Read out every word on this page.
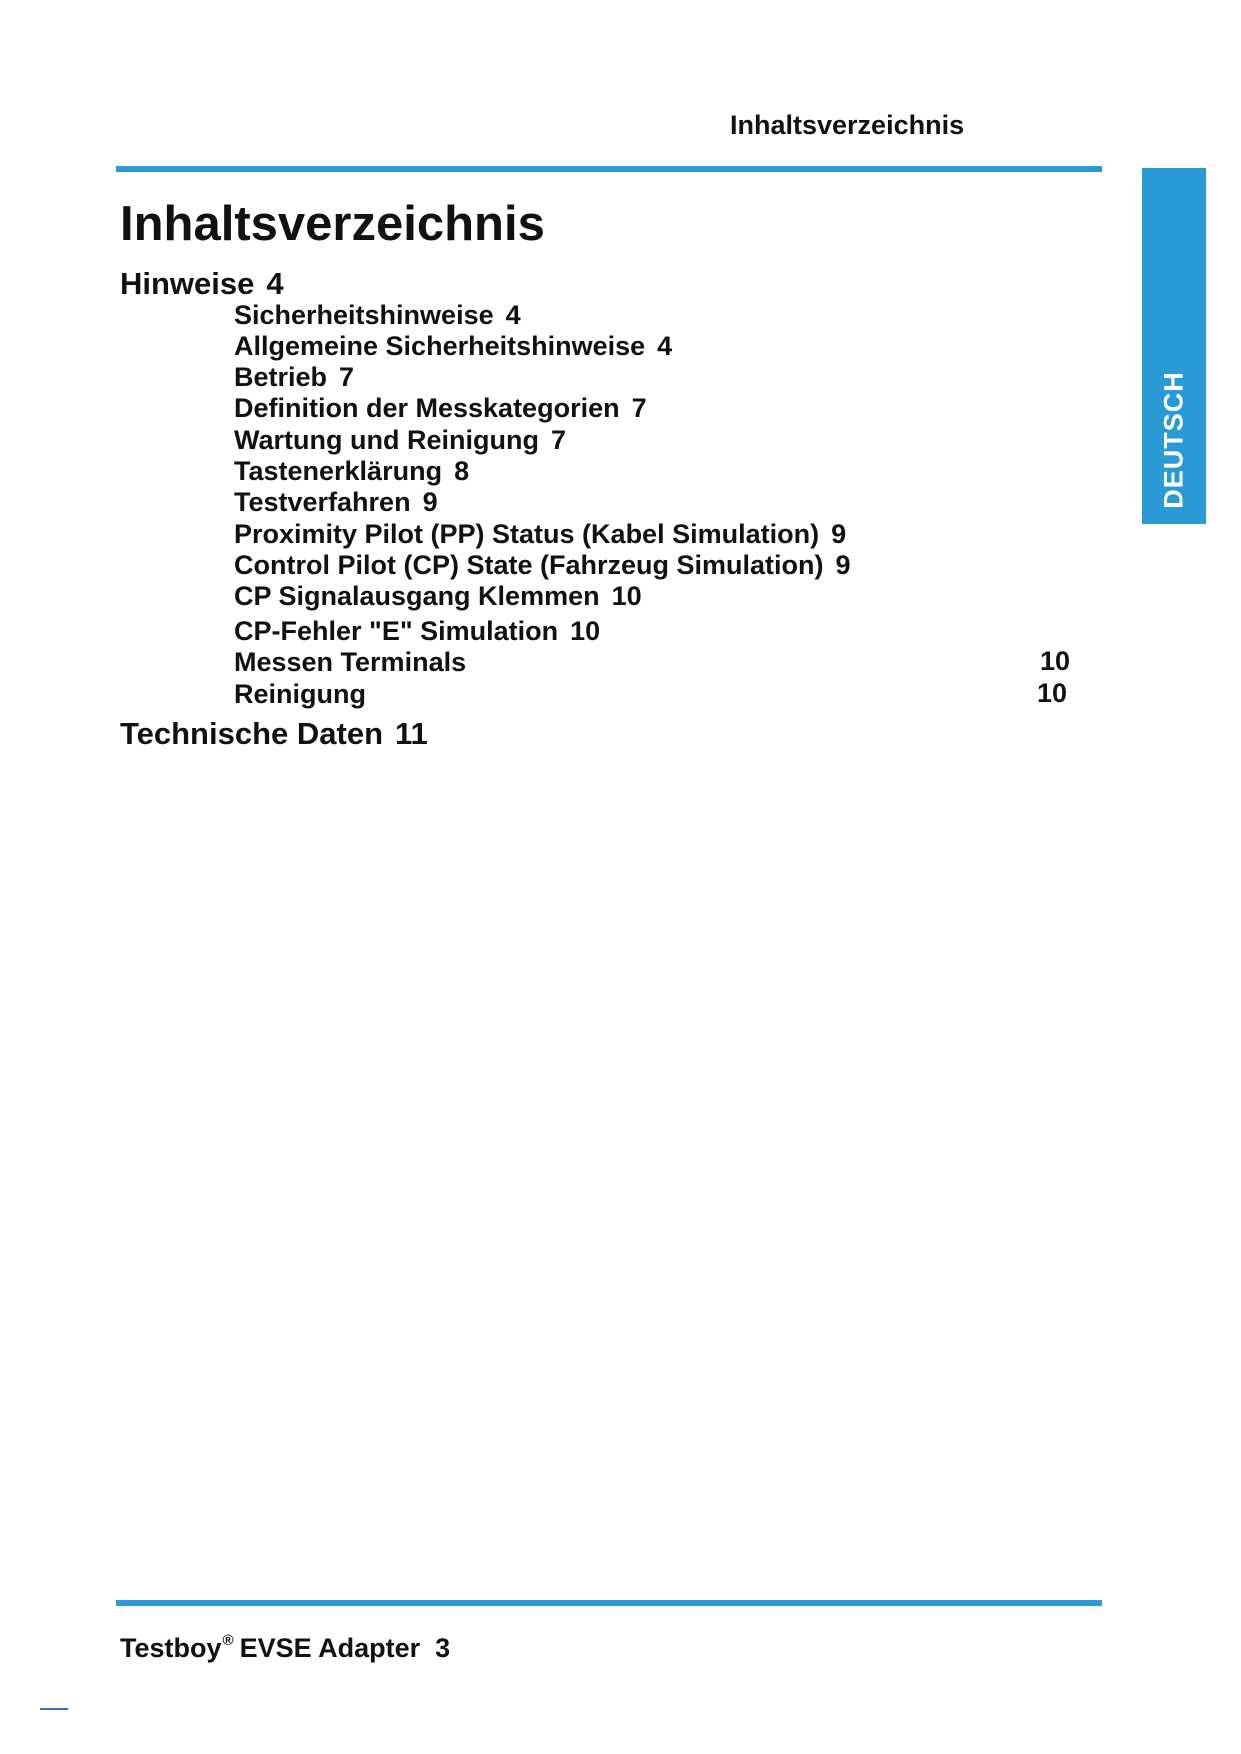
Inhaltsverzeichnis
DEUTSCH
Inhaltsverzeichnis
Hinweise 4
Sicherheitshinweise 4
Allgemeine Sicherheitshinweise 4
Betrieb 7
Definition der Messkategorien 7
Wartung und Reinigung 7
Tastenerklärung 8
Testverfahren 9
Proximity Pilot (PP) Status (Kabel Simulation) 9
Control Pilot (CP) State (Fahrzeug Simulation) 9
CP Signalausgang Klemmen 10
CP-Fehler "E" Simulation 10
Messen Terminals	10
Reinigung	10
Technische Daten 11
Testboy® EVSE Adapter 3
